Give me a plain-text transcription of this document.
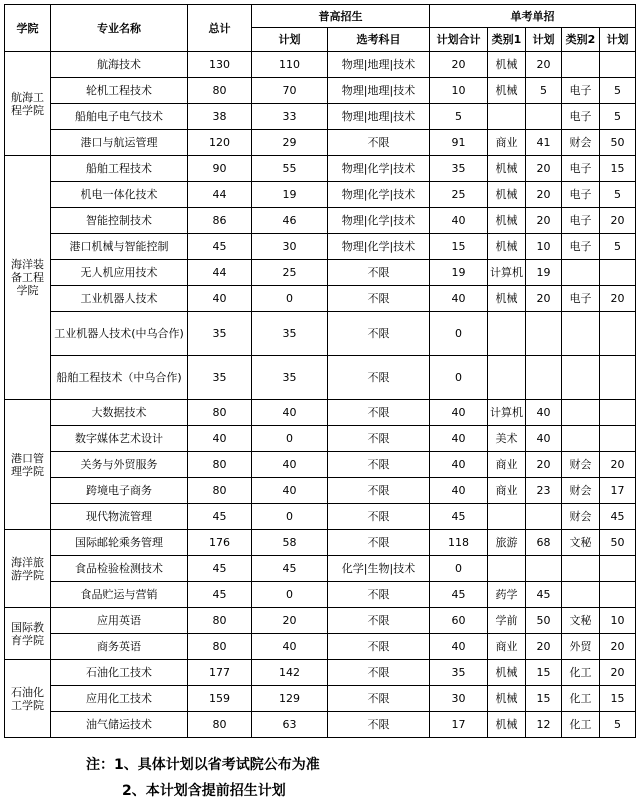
学院	专业名称	总计	普高招生		单考单招				
			计划	选考科目	计划合计	类别1	计划	类别2	计划

航海工
程学院	航海技术	130	110	物理|地理|技术	20	机械	20		
	轮机工程技术	80	70	物理|地理|技术	10	机械	5	电子	5
	船舶电子电气技术	38	33	物理|地理|技术	5			电子	5
	港口与航运管理	120	29	不限	91	商业	41	财会	50

海洋装
备工程
学院	船舶工程技术	90	55	物理|化学|技术	35	机械	20	电子	15
	机电一体化技术	44	19	物理|化学|技术	25	机械	20	电子	5
	智能控制技术	86	46	物理|化学|技术	40	机械	20	电子	20
	港口机械与智能控制	45	30	物理|化学|技术	15	机械	10	电子	5
	无人机应用技术	44	25	不限	19	计算机	19		
	工业机器人技术	40	0	不限	40	机械	20	电子	20
	工业机器人技术(中乌合作)	35	35	不限	0				
	船舶工程技术（中乌合作)	35	35	不限	0				

港口管
理学院	大数据技术	80	40	不限	40	计算机	40		
	数字媒体艺术设计	40	0	不限	40	美术	40		
	关务与外贸服务	80	40	不限	40	商业	20	财会	20
	跨境电子商务	80	40	不限	40	商业	23	财会	17
	现代物流管理	45	0	不限	45			财会	45

海洋旅
游学院	国际邮轮乘务管理	176	58	不限	118	旅游	68	文秘	50
	食品检验检测技术	45	45	化学|生物|技术	0				
	食品贮运与营销	45	0	不限	45	药学	45		

国际教
育学院	应用英语	80	20	不限	60	学前	50	文秘	10
	商务英语	80	40	不限	40	商业	20	外贸	20

石油化
工学院	石油化工技术	177	142	不限	35	机械	15	化工	20
	应用化工技术	159	129	不限	30	机械	15	化工	15
	油气储运技术	80	63	不限	17	机械	12	化工	5
注：1、具体计划以省考试院公布为准
2、本计划含提前招生计划
